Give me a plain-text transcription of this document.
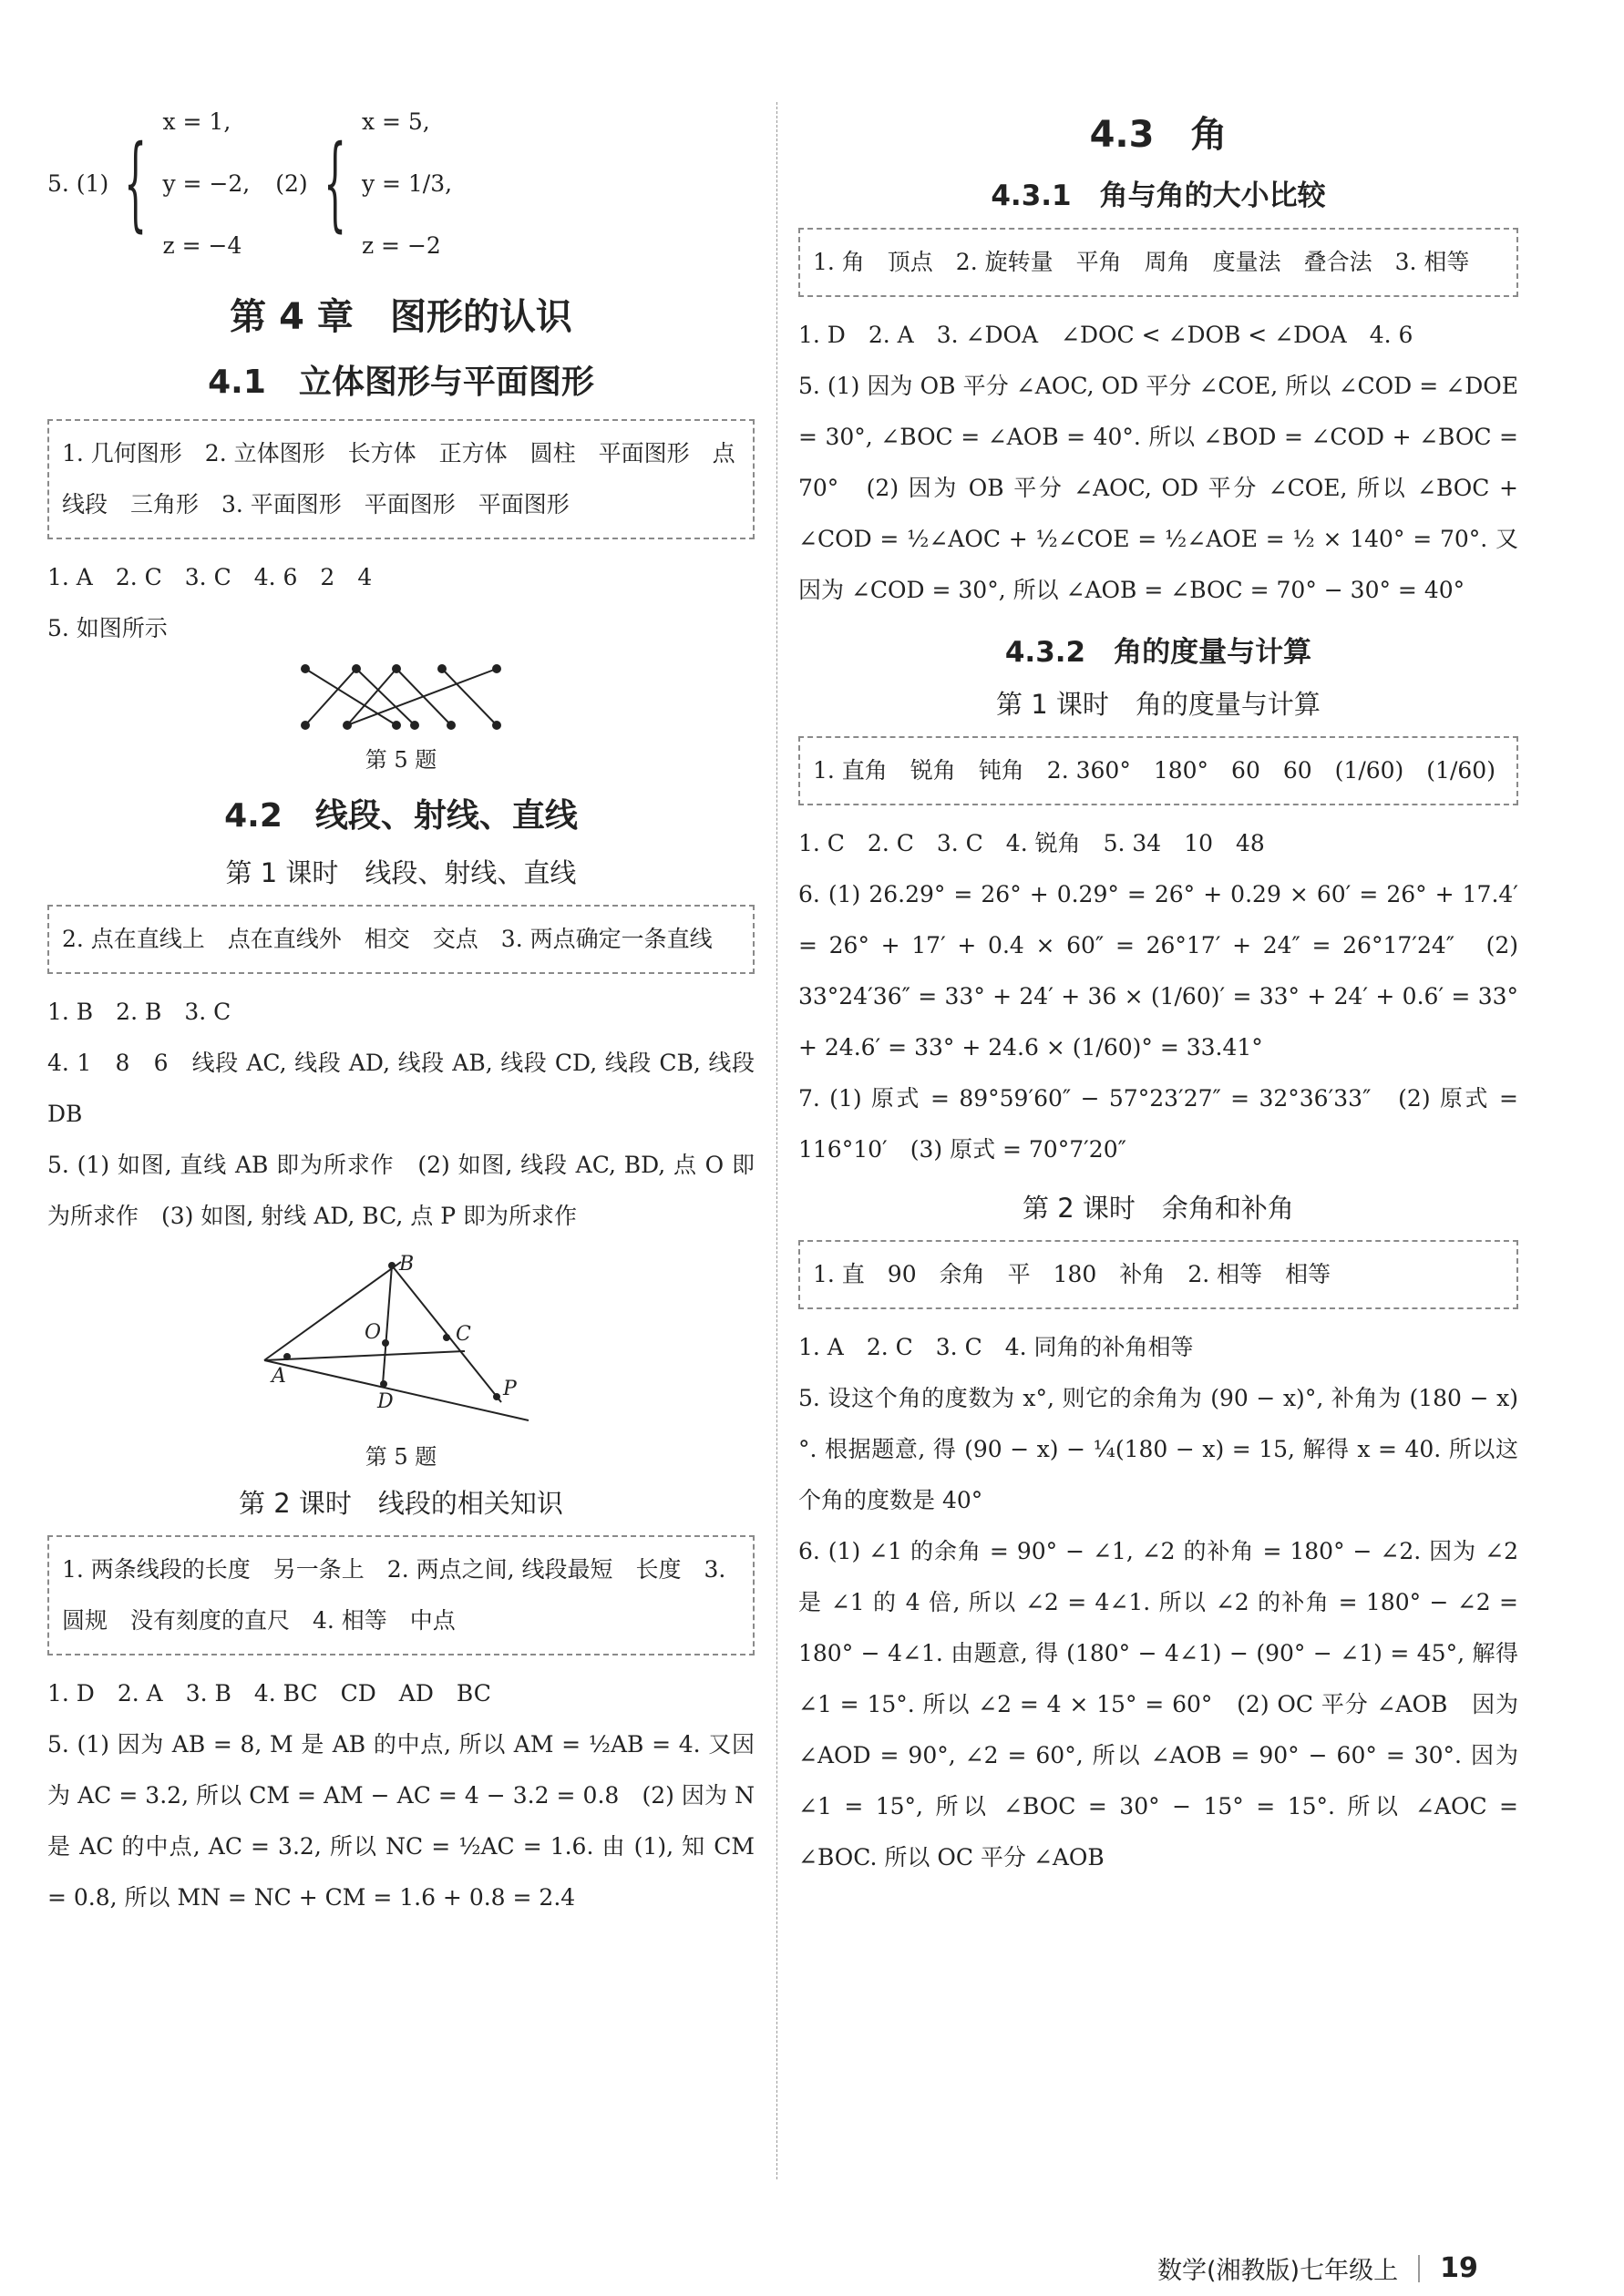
5. (1) {
x = 1,
y = −2,
z = −4
(2) {
x = 5,
y = 1/3,
z = −2
第 4 章　图形的认识
4.1　立体图形与平面图形
1. 几何图形　2. 立体图形　长方体　正方体　圆柱　平面图形　点　线段　三角形　3. 平面图形　平面图形　平面图形
1. A　2. C　3. C　4. 6　2　4
5. 如图所示
第 5 题
4.2　线段、射线、直线
第 1 课时　线段、射线、直线
2. 点在直线上　点在直线外　相交　交点　3. 两点确定一条直线
1. B　2. B　3. C
4. 1　8　6　线段 AC, 线段 AD, 线段 AB, 线段 CD, 线段 CB, 线段 DB
5. (1) 如图, 直线 AB 即为所求作　(2) 如图, 线段 AC, BD, 点 O 即为所求作　(3) 如图, 射线 AD, BC, 点 P 即为所求作
A
B
C
D
O
P
第 5 题
第 2 课时　线段的相关知识
1. 两条线段的长度　另一条上　2. 两点之间, 线段最短　长度　3. 圆规　没有刻度的直尺　4. 相等　中点
1. D　2. A　3. B　4. BC　CD　AD　BC
5. (1) 因为 AB = 8, M 是 AB 的中点, 所以 AM = ½AB = 4. 又因为 AC = 3.2, 所以 CM = AM − AC = 4 − 3.2 = 0.8　(2) 因为 N 是 AC 的中点, AC = 3.2, 所以 NC = ½AC = 1.6. 由 (1), 知 CM = 0.8, 所以 MN = NC + CM = 1.6 + 0.8 = 2.4
4.3　角
4.3.1　角与角的大小比较
1. 角　顶点　2. 旋转量　平角　周角　度量法　叠合法　3. 相等
1. D　2. A　3. ∠DOA　∠DOC < ∠DOB < ∠DOA　4. 6
5. (1) 因为 OB 平分 ∠AOC, OD 平分 ∠COE, 所以 ∠COD = ∠DOE = 30°, ∠BOC = ∠AOB = 40°. 所以 ∠BOD = ∠COD + ∠BOC = 70°　(2) 因为 OB 平分 ∠AOC, OD 平分 ∠COE, 所以 ∠BOC + ∠COD = ½∠AOC + ½∠COE = ½∠AOE = ½ × 140° = 70°. 又因为 ∠COD = 30°, 所以 ∠AOB = ∠BOC = 70° − 30° = 40°
4.3.2　角的度量与计算
第 1 课时　角的度量与计算
1. 直角　锐角　钝角　2. 360°　180°　60　60　(1/60)　(1/60)
1. C　2. C　3. C　4. 锐角　5. 34　10　48
6. (1) 26.29° = 26° + 0.29° = 26° + 0.29 × 60′ = 26° + 17.4′ = 26° + 17′ + 0.4 × 60″ = 26°17′ + 24″ = 26°17′24″　(2) 33°24′36″ = 33° + 24′ + 36 × (1/60)′ = 33° + 24′ + 0.6′ = 33° + 24.6′ = 33° + 24.6 × (1/60)° = 33.41°
7. (1) 原式 = 89°59′60″ − 57°23′27″ = 32°36′33″　(2) 原式 = 116°10′　(3) 原式 = 70°7′20″
第 2 课时　余角和补角
1. 直　90　余角　平　180　补角　2. 相等　相等
1. A　2. C　3. C　4. 同角的补角相等
5. 设这个角的度数为 x°, 则它的余角为 (90 − x)°, 补角为 (180 − x)°. 根据题意, 得 (90 − x) − ¼(180 − x) = 15, 解得 x = 40. 所以这个角的度数是 40°
6. (1) ∠1 的余角 = 90° − ∠1, ∠2 的补角 = 180° − ∠2. 因为 ∠2 是 ∠1 的 4 倍, 所以 ∠2 = 4∠1. 所以 ∠2 的补角 = 180° − ∠2 = 180° − 4∠1. 由题意, 得 (180° − 4∠1) − (90° − ∠1) = 45°, 解得 ∠1 = 15°. 所以 ∠2 = 4 × 15° = 60°　(2) OC 平分 ∠AOB　因为 ∠AOD = 90°, ∠2 = 60°, 所以 ∠AOB = 90° − 60° = 30°. 因为 ∠1 = 15°, 所以 ∠BOC = 30° − 15° = 15°. 所以 ∠AOC = ∠BOC. 所以 OC 平分 ∠AOB
数学(湘教版)七年级上 19
